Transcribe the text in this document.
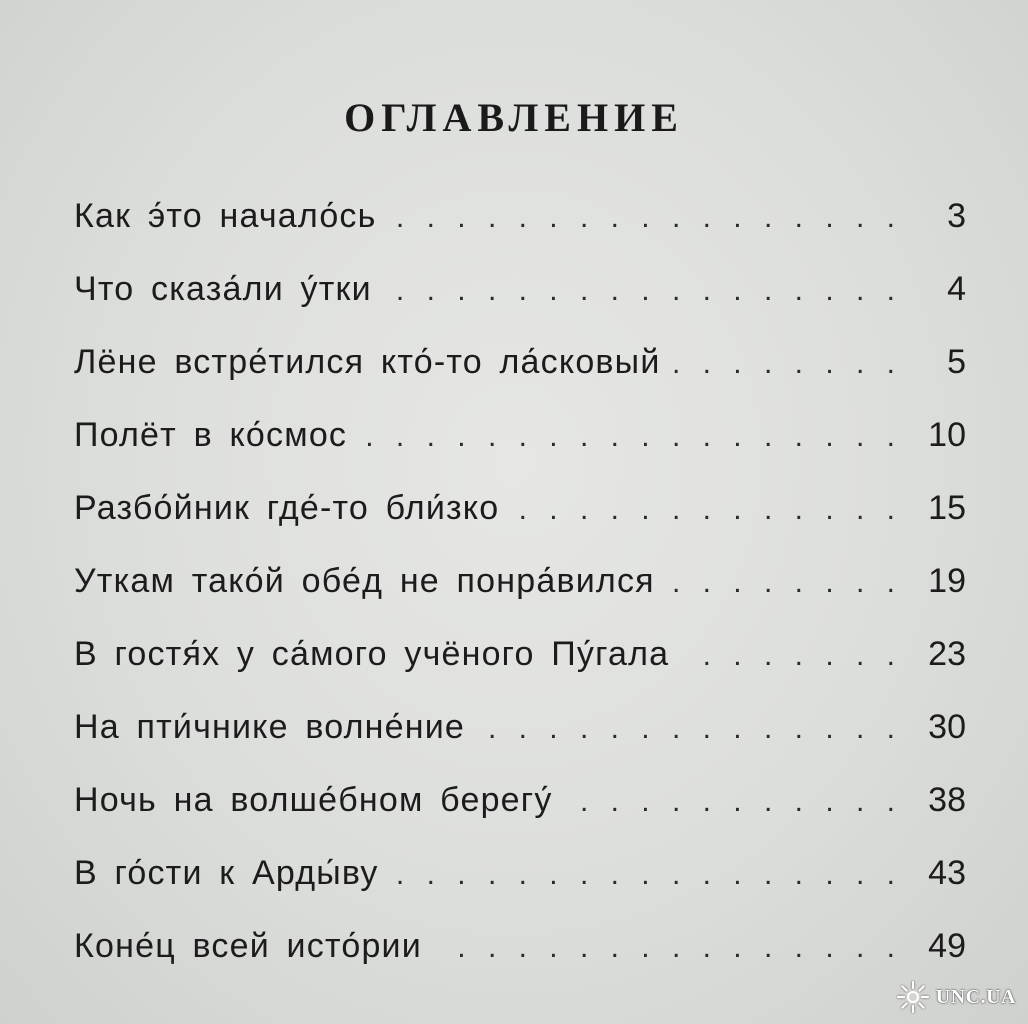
ОГЛАВЛЕНИЕ
Как э́то начало́сь . . .	3
Что сказа́ли у́тки . . .	4
Лёне встре́тился кто́-то ла́сковый . . .	5
Полёт в ко́смос . . .	10
Разбо́йник где́-то бли́зко . . .	15
Уткам тако́й обе́д не понра́вился . . .	19
В гостя́х у са́мого учёного Пу́гала . . .	23
На пти́чнике волне́ние . . .	30
Ночь на волше́бном берегу́ . . .	38
В го́сти к Арды́ву . . .	43
Коне́ц всей исто́рии . . .	49
UNC.UA
